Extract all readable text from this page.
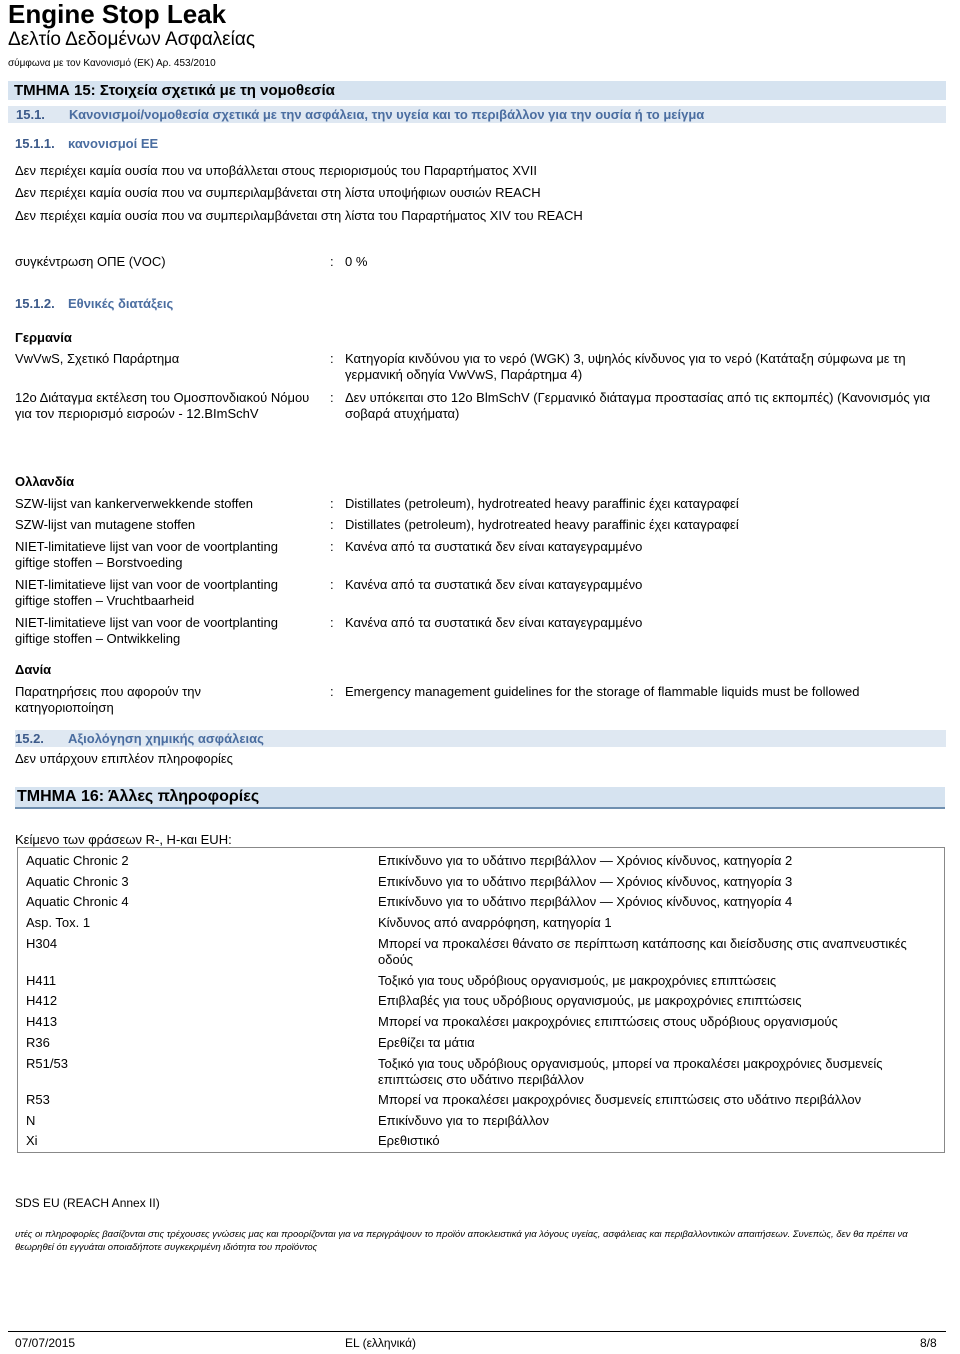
Engine Stop Leak
Δελτίο Δεδομένων Ασφαλείας
σύμφωνα με τον Κανονισμό (ΕΚ) Αρ. 453/2010
ΤΜΗΜΑ 15: Στοιχεία σχετικά με τη νομοθεσία
15.1. Κανονισμοί/νομοθεσία σχετικά με την ασφάλεια, την υγεία και το περιβάλλον για την ουσία ή το μείγμα
15.1.1. κανονισμοί ΕΕ
Δεν περιέχει καμία ουσία που να υποβάλλεται στους περιορισμούς του Παραρτήματος XVII
Δεν περιέχει καμία ουσία που να συμπεριλαμβάνεται στη λίστα υποψήφιων ουσιών REACH
Δεν περιέχει καμία ουσία που να συμπεριλαμβάνεται στη λίστα του Παραρτήματος XIV του REACH
συγκέντρωση ΟΠΕ (VOC)	: 0 %
15.1.2. Εθνικές διατάξεις
Γερμανία
VwVwS, Σχετικό Παράρτημα	: Κατηγορία κινδύνου για το νερό (WGK) 3, υψηλός κίνδυνος για το νερό (Κατάταξη σύμφωνα με τη γερμανική οδηγία VwVwS, Παράρτημα 4)
12ο Διάταγμα εκτέλεση του Ομοσπονδιακού Νόμου για τον περιορισμό εισροών - 12.BImSchV
: Δεν υπόκειται στο 12ο BlmSchV (Γερμανικό διάταγμα προστασίας από τις εκπομπές) (Κανονισμός για σοβαρά ατυχήματα)
Ολλανδία
SZW-lijst van kankerverwekkende stoffen	: Distillates (petroleum), hydrotreated heavy paraffinic έχει καταγραφεί
SZW-lijst van mutagene stoffen	: Distillates (petroleum), hydrotreated heavy paraffinic έχει καταγραφεί
NIET-limitatieve lijst van voor de voortplanting giftige stoffen – Borstvoeding
: Κανένα από τα συστατικά δεν είναι καταγεγραμμένο
NIET-limitatieve lijst van voor de voortplanting giftige stoffen – Vruchtbaarheid
: Κανένα από τα συστατικά δεν είναι καταγεγραμμένο
NIET-limitatieve lijst van voor de voortplanting giftige stoffen – Ontwikkeling
: Κανένα από τα συστατικά δεν είναι καταγεγραμμένο
Δανία
Παρατηρήσεις που αφορούν την κατηγοριοποίηση
: Emergency management guidelines for the storage of flammable liquids must be followed
15.2. Αξιολόγηση χημικής ασφάλειας
Δεν υπάρχουν επιπλέον πληροφορίες
ΤΜΗΜΑ 16: Άλλες πληροφορίες
Κείμενο των φράσεων R-, H-και EUH:
Aquatic Chronic 2	Επικίνδυνο για το υδάτινο περιβάλλον — Χρόνιος κίνδυνος, κατηγορία 2
Aquatic Chronic 3	Επικίνδυνο για το υδάτινο περιβάλλον — Χρόνιος κίνδυνος, κατηγορία 3
Aquatic Chronic 4	Επικίνδυνο για το υδάτινο περιβάλλον — Χρόνιος κίνδυνος, κατηγορία 4
Asp. Tox. 1	Κίνδυνος από αναρρόφηση, κατηγορία 1
H304	Μπορεί να προκαλέσει θάνατο σε περίπτωση κατάποσης και διείσδυσης στις αναπνευστικές οδούς
H411	Τοξικό για τους υδρόβιους οργανισμούς, με μακροχρόνιες επιπτώσεις
H412	Επιβλαβές για τους υδρόβιους οργανισμούς, με μακροχρόνιες επιπτώσεις
H413	Μπορεί να προκαλέσει μακροχρόνιες επιπτώσεις στους υδρόβιους οργανισμούς
R36	Ερεθίζει τα μάτια
R51/53	Τοξικό για τους υδρόβιους οργανισμούς, μπορεί να προκαλέσει μακροχρόνιες δυσμενείς επιπτώσεις στο υδάτινο περιβάλλον
R53	Μπορεί να προκαλέσει μακροχρόνιες δυσμενείς επιπτώσεις στο υδάτινο περιβάλλον
N	Επικίνδυνο για το περιβάλλον
Xi	Ερεθιστικό
SDS EU (REACH Annex II)
υτές οι πληροφορίες βασίζονται στις τρέχουσες γνώσεις μας και προορίζονται για να περιγράψουν το προϊόν αποκλειστικά για λόγους υγείας, ασφάλειας και περιβαλλοντικών απαιτήσεων. Συνεπώς, δεν θα πρέπει να θεωρηθεί ότι εγγυάται οποιαδήποτε συγκεκριμένη ιδιότητα του προϊόντος
07/07/2015	EL (ελληνικά)	8/8
